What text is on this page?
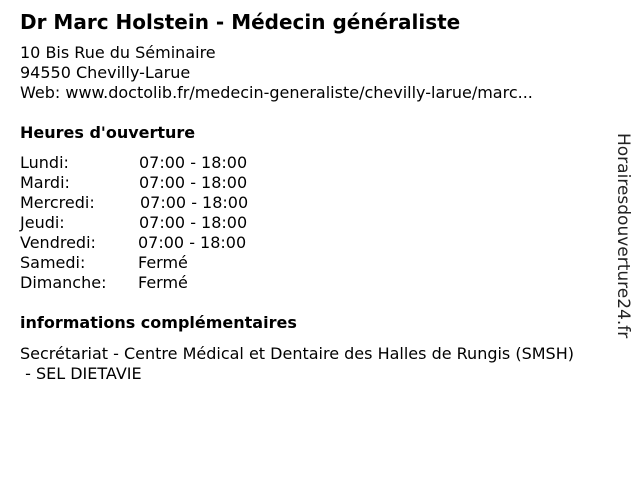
Dr Marc Holstein - Médecin généraliste
10 Bis Rue du Séminaire
94550 Chevilly-Larue
Web: www.doctolib.fr/medecin-generaliste/chevilly-larue/marc...
Heures d'ouverture
Lundi:	07:00 - 18:00
Mardi:	07:00 - 18:00
Mercredi:	07:00 - 18:00
Jeudi:	07:00 - 18:00
Vendredi:	07:00 - 18:00
Samedi:	Fermé
Dimanche: Fermé
informations complémentaires
Secrétariat - Centre Médical et Dentaire des Halles de Rungis (SMSH)
- SEL DIETAVIE
Horairesdouverture24.fr
